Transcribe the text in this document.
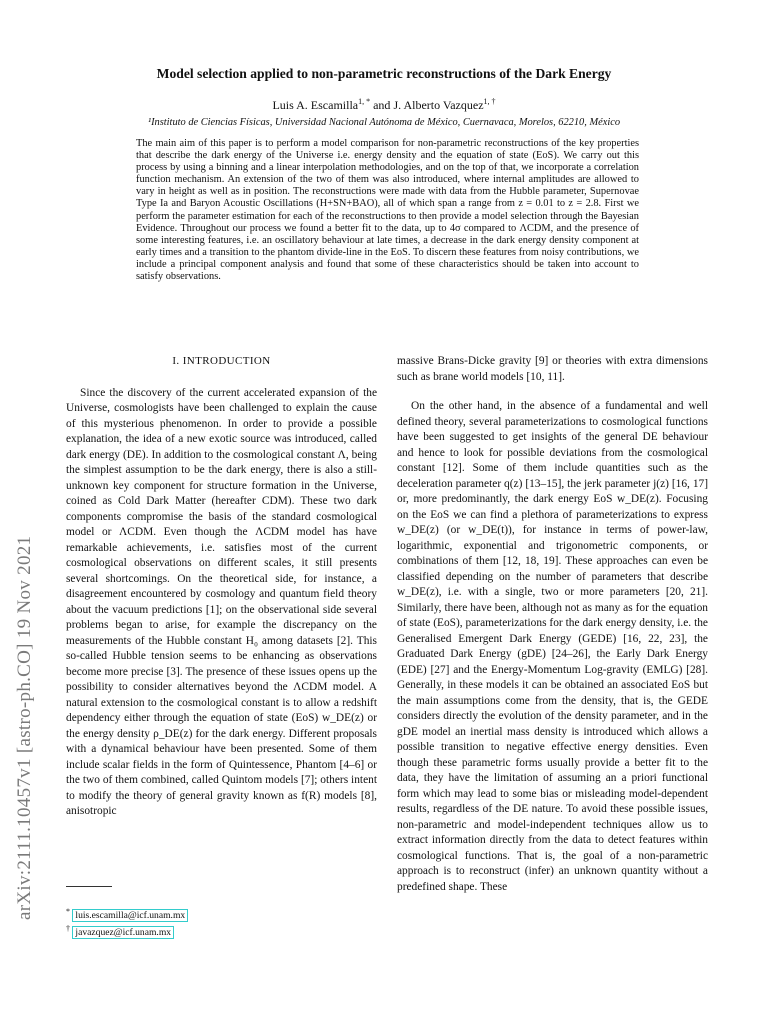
arXiv:2111.10457v1 [astro-ph.CO] 19 Nov 2021
Model selection applied to non-parametric reconstructions of the Dark Energy
Luis A. Escamilla$^{1, *}$ and J. Alberto Vazquez$^{1, \dagger}$
¹Instituto de Ciencias Físicas, Universidad Nacional Autónoma de México, Cuernavaca, Morelos, 62210, México
The main aim of this paper is to perform a model comparison for non-parametric reconstructions of the key properties that describe the dark energy of the Universe i.e. energy density and the equation of state (EoS). We carry out this process by using a binning and a linear interpolation methodologies, and on the top of that, we incorporate a correlation function mechanism. An extension of the two of them was also introduced, where internal amplitudes are allowed to vary in height as well as in position. The reconstructions were made with data from the Hubble parameter, Supernovae Type Ia and Baryon Acoustic Oscillations (H+SN+BAO), all of which span a range from z = 0.01 to z = 2.8. First we perform the parameter estimation for each of the reconstructions to then provide a model selection through the Bayesian Evidence. Throughout our process we found a better fit to the data, up to 4σ compared to ΛCDM, and the presence of some interesting features, i.e. an oscillatory behaviour at late times, a decrease in the dark energy density component at early times and a transition to the phantom divide-line in the EoS. To discern these features from noisy contributions, we include a principal component analysis and found that some of these characteristics should be taken into account to satisfy observations.
I. INTRODUCTION

Since the discovery of the current accelerated expansion of the Universe, cosmologists have been challenged to explain the cause of this mysterious phenomenon. In order to provide a possible explanation, the idea of a new exotic source was introduced, called dark energy (DE). In addition to the cosmological constant Λ, being the simplest assumption to be the dark energy, there is also a still-unknown key component for structure formation in the Universe, coined as Cold Dark Matter (hereafter CDM). These two dark components compromise the basis of the standard cosmological model or ΛCDM. Even though the ΛCDM model has have remarkable achievements, i.e. satisfies most of the current cosmological observations on different scales, it still presents several shortcomings. On the theoretical side, for instance, a disagreement encountered by cosmology and quantum field theory about the vacuum predictions [1]; on the observational side several problems began to arise, for example the discrepancy on the measurements of the Hubble constant H₀ among datasets [2]. This so-called Hubble tension seems to be enhancing as observations become more precise [3]. The presence of these issues opens up the possibility to consider alternatives beyond the ΛCDM model. A natural extension to the cosmological constant is to allow a redshift dependency either through the equation of state (EoS) w_DE(z) or the energy density ρ_DE(z) for the dark energy. Different proposals with a dynamical behaviour have been presented. Some of them include scalar fields in the form of Quintessence, Phantom [4–6] or the two of them combined, called Quintom models [7]; others intent to modify the theory of general gravity known as f(R) models [8], anisotropic

massive Brans-Dicke gravity [9] or theories with extra dimensions such as brane world models [10, 11].

On the other hand, in the absence of a fundamental and well defined theory, several parameterizations to cosmological functions have been suggested to get insights of the general DE behaviour and hence to look for possible deviations from the cosmological constant [12]. Some of them include quantities such as the deceleration parameter q(z) [13–15], the jerk parameter j(z) [16, 17] or, more predominantly, the dark energy EoS w_DE(z). Focusing on the EoS we can find a plethora of parameterizations to express w_DE(z) (or w_DE(t)), for instance in terms of power-law, logarithmic, exponential and trigonometric components, or combinations of them [12, 18, 19]. These approaches can even be classified depending on the number of parameters that describe w_DE(z), i.e. with a single, two or more parameters [20, 21]. Similarly, there have been, although not as many as for the equation of state (EoS), parameterizations for the dark energy density, i.e. the Generalised Emergent Dark Energy (GEDE) [16, 22, 23], the Graduated Dark Energy (gDE) [24–26], the Early Dark Energy (EDE) [27] and the Energy-Momentum Log-gravity (EMLG) [28]. Generally, in these models it can be obtained an associated EoS but the main assumptions come from the density, that is, the GEDE considers directly the evolution of the density parameter, and in the gDE model an inertial mass density is introduced which allows a possible transition to negative effective energy densities. Even though these parametric forms usually provide a better fit to the data, they have the limitation of assuming an a priori functional form which may lead to some bias or misleading model-dependent results, regardless of the DE nature. To avoid these possible issues, non-parametric and model-independent techniques allow us to extract information directly from the data to detect features within cosmological functions. That is, the goal of a non-parametric approach is to reconstruct (infer) an unknown quantity without a predefined shape. These

* luis.escamilla@icf.unam.mx
† javazquez@icf.unam.mx
